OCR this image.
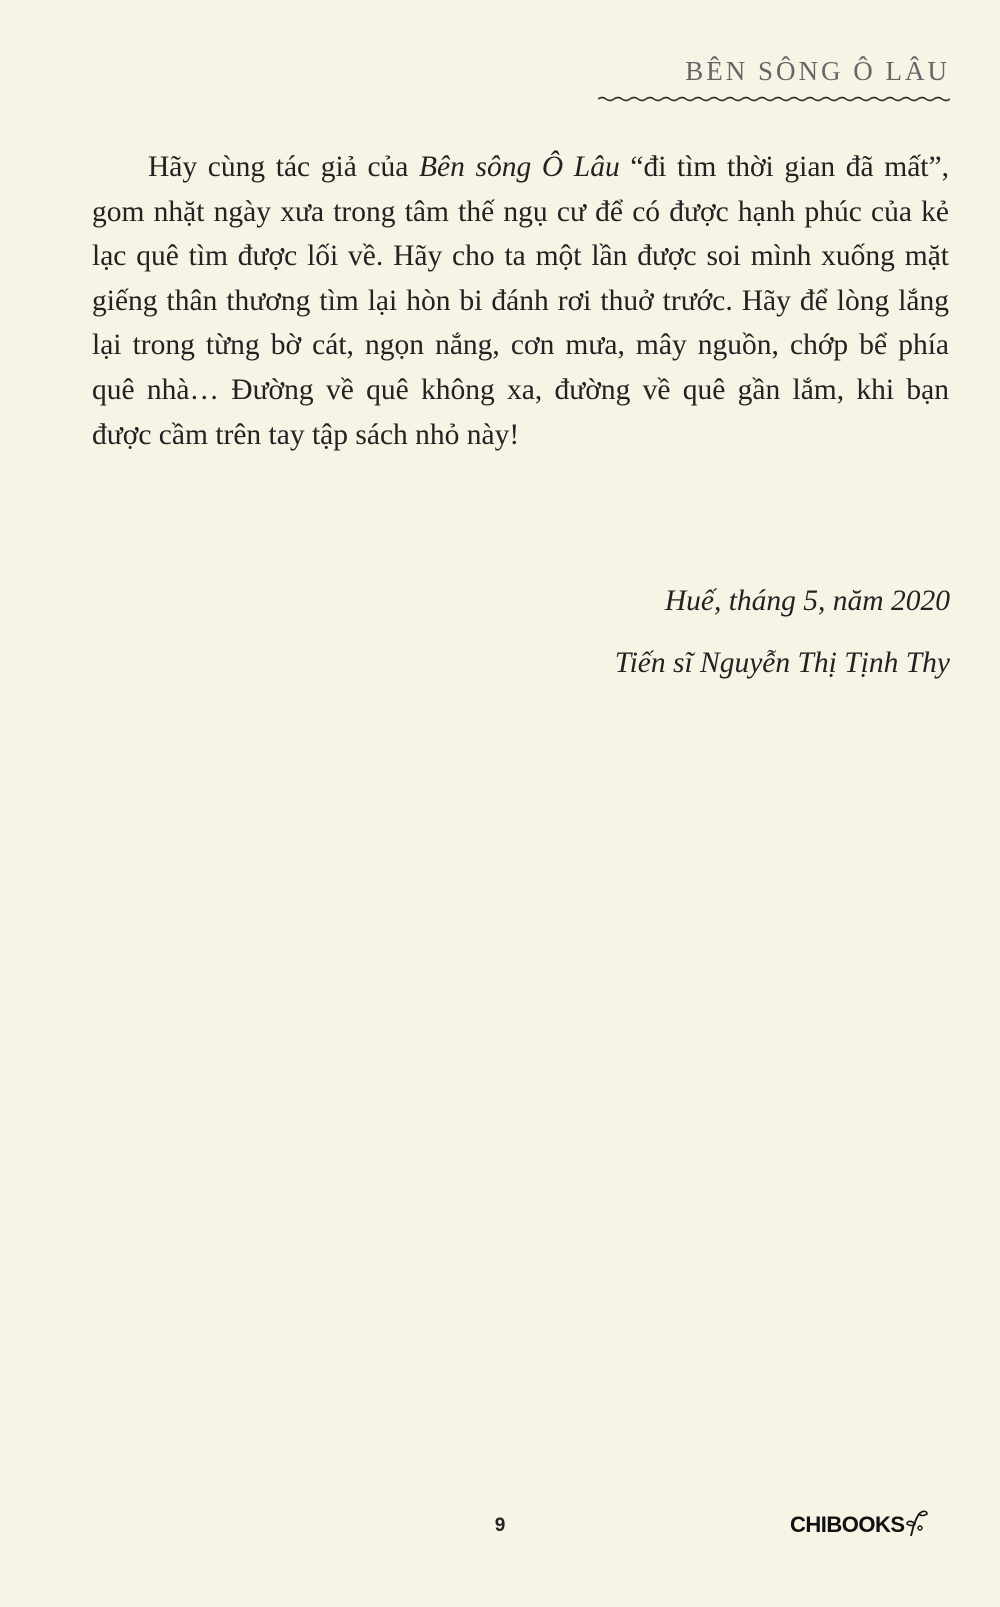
BÊN SÔNG Ô LÂU

Hãy cùng tác giả của Bên sông Ô Lâu “đi tìm thời gian đã mất”, gom nhặt ngày xưa trong tâm thế ngụ cư để có được hạnh phúc của kẻ lạc quê tìm được lối về. Hãy cho ta một lần được soi mình xuống mặt giếng thân thương tìm lại hòn bi đánh rơi thuở trước. Hãy để lòng lắng lại trong từng bờ cát, ngọn nắng, cơn mưa, mây nguồn, chớp bể phía quê nhà… Đường về quê không xa, đường về quê gần lắm, khi bạn được cầm trên tay tập sách nhỏ này!

Huế, tháng 5, năm 2020
Tiến sĩ Nguyễn Thị Tịnh Thy
9	CHIBOOKS
